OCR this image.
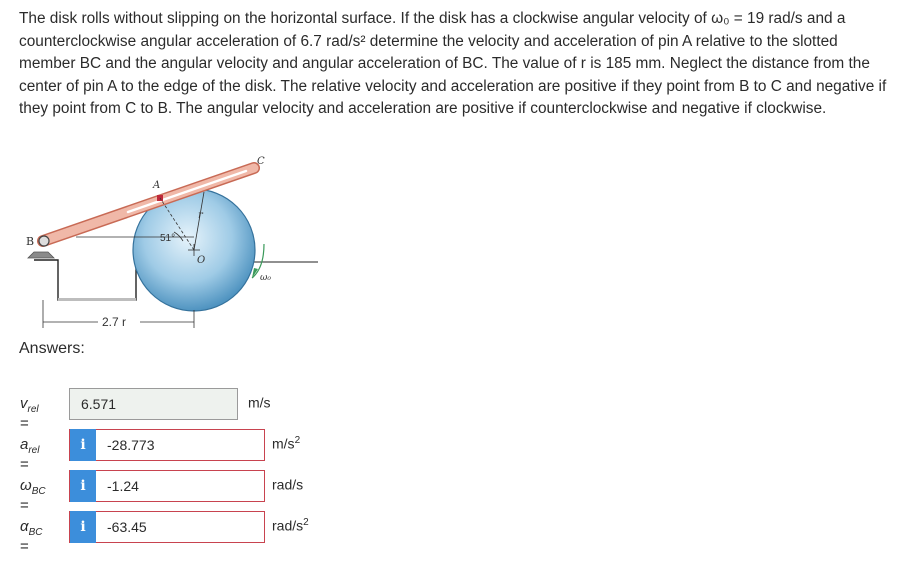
The disk rolls without slipping on the horizontal surface. If the disk has a clockwise angular velocity of ω₀ = 19 rad/s and a
counterclockwise angular acceleration of 6.7 rad/s² determine the velocity and acceleration of pin A relative to the slotted
member BC and the angular velocity and angular acceleration of BC. The value of r is 185 mm. Neglect the distance from the
center of pin A to the edge of the disk. The relative velocity and acceleration are positive if they point from B to C and negative if
they point from C to B. The angular velocity and acceleration are positive if counterclockwise and negative if clockwise.
B
A
C
r
O
ω₀
51°
2.7 r
Answers:
$v_{rel}$ =
6.571	m/s
$a_{rel}$ =
-28.773
i	$m/s^2$
$\omega_{BC}$ =
-1.24
i	rad/s
$\alpha_{BC}$ =
-63.45
i	rad/$s^2$
